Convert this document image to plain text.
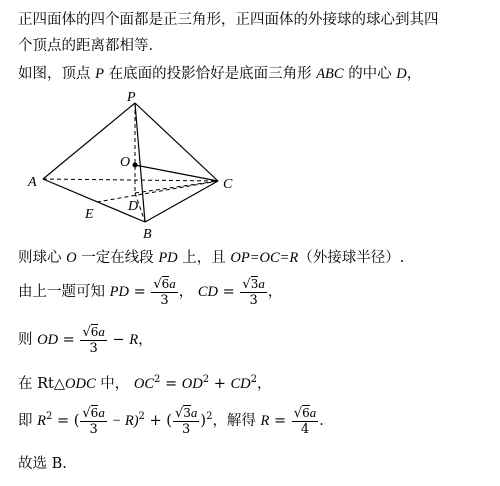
正四面体的四个面都是正三角形，正四面体的外接球的球心到其四
个顶点的距离都相等．
如图，顶点 P 在底面的投影恰好是底面三角形 ABC 的中心 D，
P
O
A	C
E
D
B
则球心 O 一定在线段 PD 上，且 OP=OC=R（外接球半径）.
由上一题可知 PD = $\frac{√6a}{3}$ ， CD = $\frac{√3a}{3}$ ，
则 OD = $\frac{√6a}{3} - R$，
在 Rt△ODC 中， $OC^2 = OD^2 + CD^2$，
即 $R^2$ = ( $\frac{√6a}{3} - R)^2$ + ( $\frac{√3a}{3} )^2$，解得 $R = \frac{√6a}{4}$ ．
故选 B.
